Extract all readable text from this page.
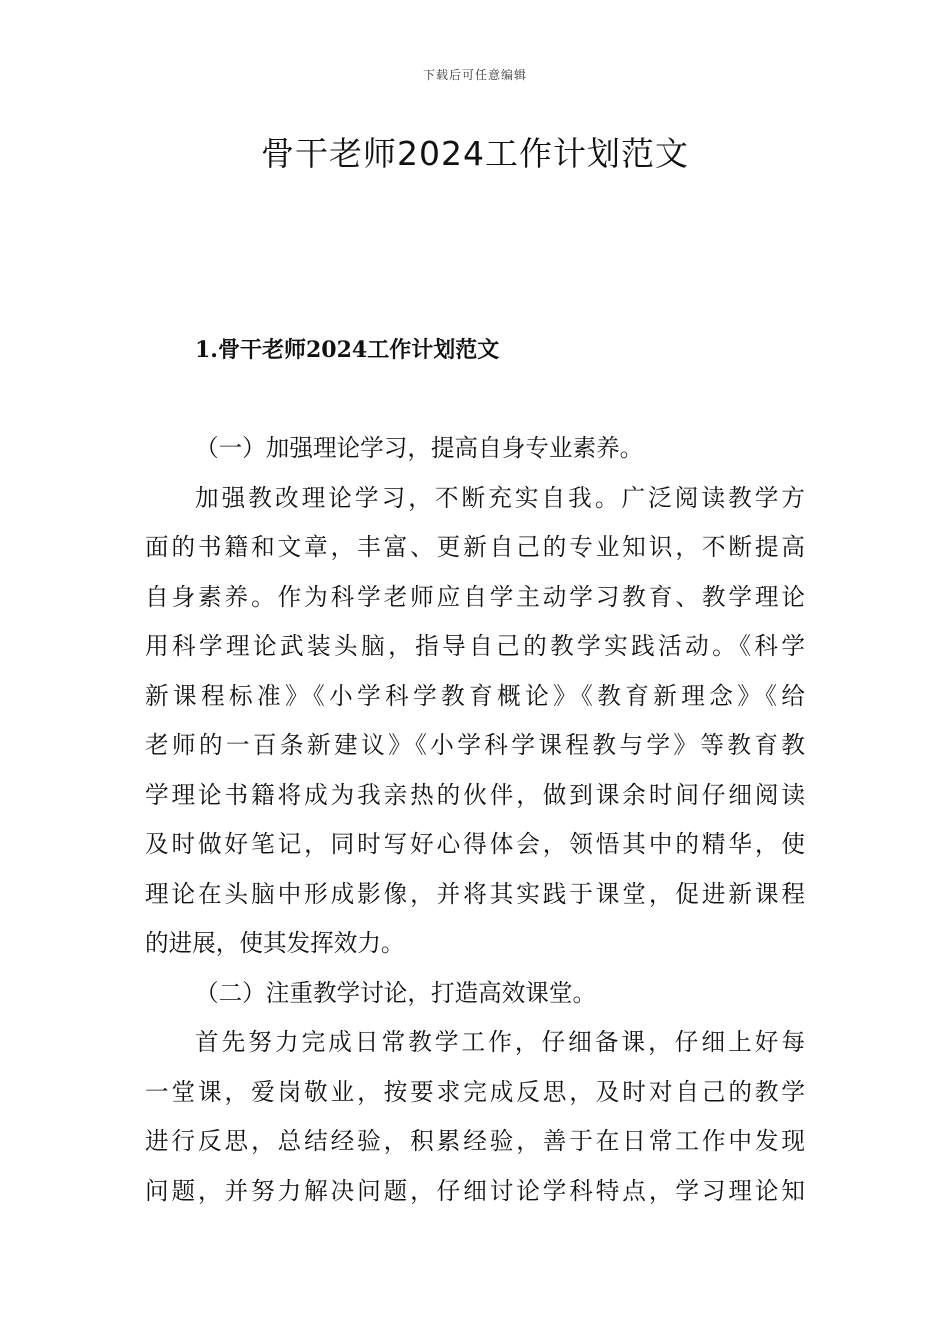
下载后可任意编辑
骨干老师2024工作计划范文
1.骨干老师2024工作计划范文
（一）加强理论学习，提高自身专业素养。
加强教改理论学习，不断充实自我。广泛阅读教学方
面的书籍和文章，丰富、更新自己的专业知识，不断提高
自身素养。作为科学老师应自学主动学习教育、教学理论
用科学理论武装头脑，指导自己的教学实践活动。《科学
新课程标准》《小学科学教育概论》《教育新理念》《给
老师的一百条新建议》《小学科学课程教与学》等教育教
学理论书籍将成为我亲热的伙伴，做到课余时间仔细阅读
及时做好笔记，同时写好心得体会，领悟其中的精华，使
理论在头脑中形成影像，并将其实践于课堂，促进新课程
的进展，使其发挥效力。
（二）注重教学讨论，打造高效课堂。
首先努力完成日常教学工作，仔细备课，仔细上好每
一堂课，爱岗敬业，按要求完成反思，及时对自己的教学
进行反思，总结经验，积累经验，善于在日常工作中发现
问题，并努力解决问题，仔细讨论学科特点，学习理论知
